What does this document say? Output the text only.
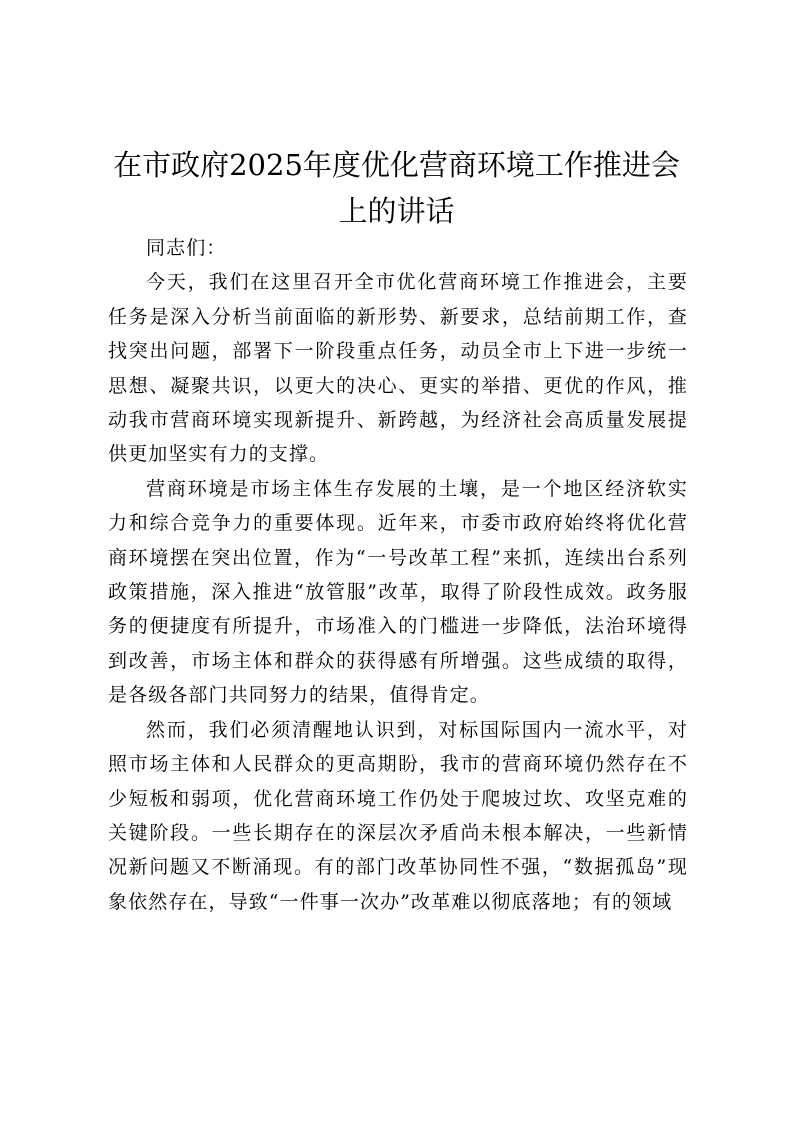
在市政府2025年度优化营商环境工作推进会上的讲话

同志们：

今天，我们在这里召开全市优化营商环境工作推进会，主要任务是深入分析当前面临的新形势、新要求，总结前期工作，查找突出问题，部署下一阶段重点任务，动员全市上下进一步统一思想、凝聚共识，以更大的决心、更实的举措、更优的作风，推动我市营商环境实现新提升、新跨越，为经济社会高质量发展提供更加坚实有力的支撑。

营商环境是市场主体生存发展的土壤，是一个地区经济软实力和综合竞争力的重要体现。近年来，市委市政府始终将优化营商环境摆在突出位置，作为“一号改革工程”来抓，连续出台系列政策措施，深入推进“放管服”改革，取得了阶段性成效。政务服务的便捷度有所提升，市场准入的门槛进一步降低，法治环境得到改善，市场主体和群众的获得感有所增强。这些成绩的取得，是各级各部门共同努力的结果，值得肯定。

然而，我们必须清醒地认识到，对标国际国内一流水平，对照市场主体和人民群众的更高期盼，我市的营商环境仍然存在不少短板和弱项，优化营商环境工作仍处于爬坡过坎、攻坚克难的关键阶段。一些长期存在的深层次矛盾尚未根本解决，一些新情况新问题又不断涌现。有的部门改革协同性不强，“数据孤岛”现象依然存在，导致“一件事一次办”改革难以彻底落地；有的领域
